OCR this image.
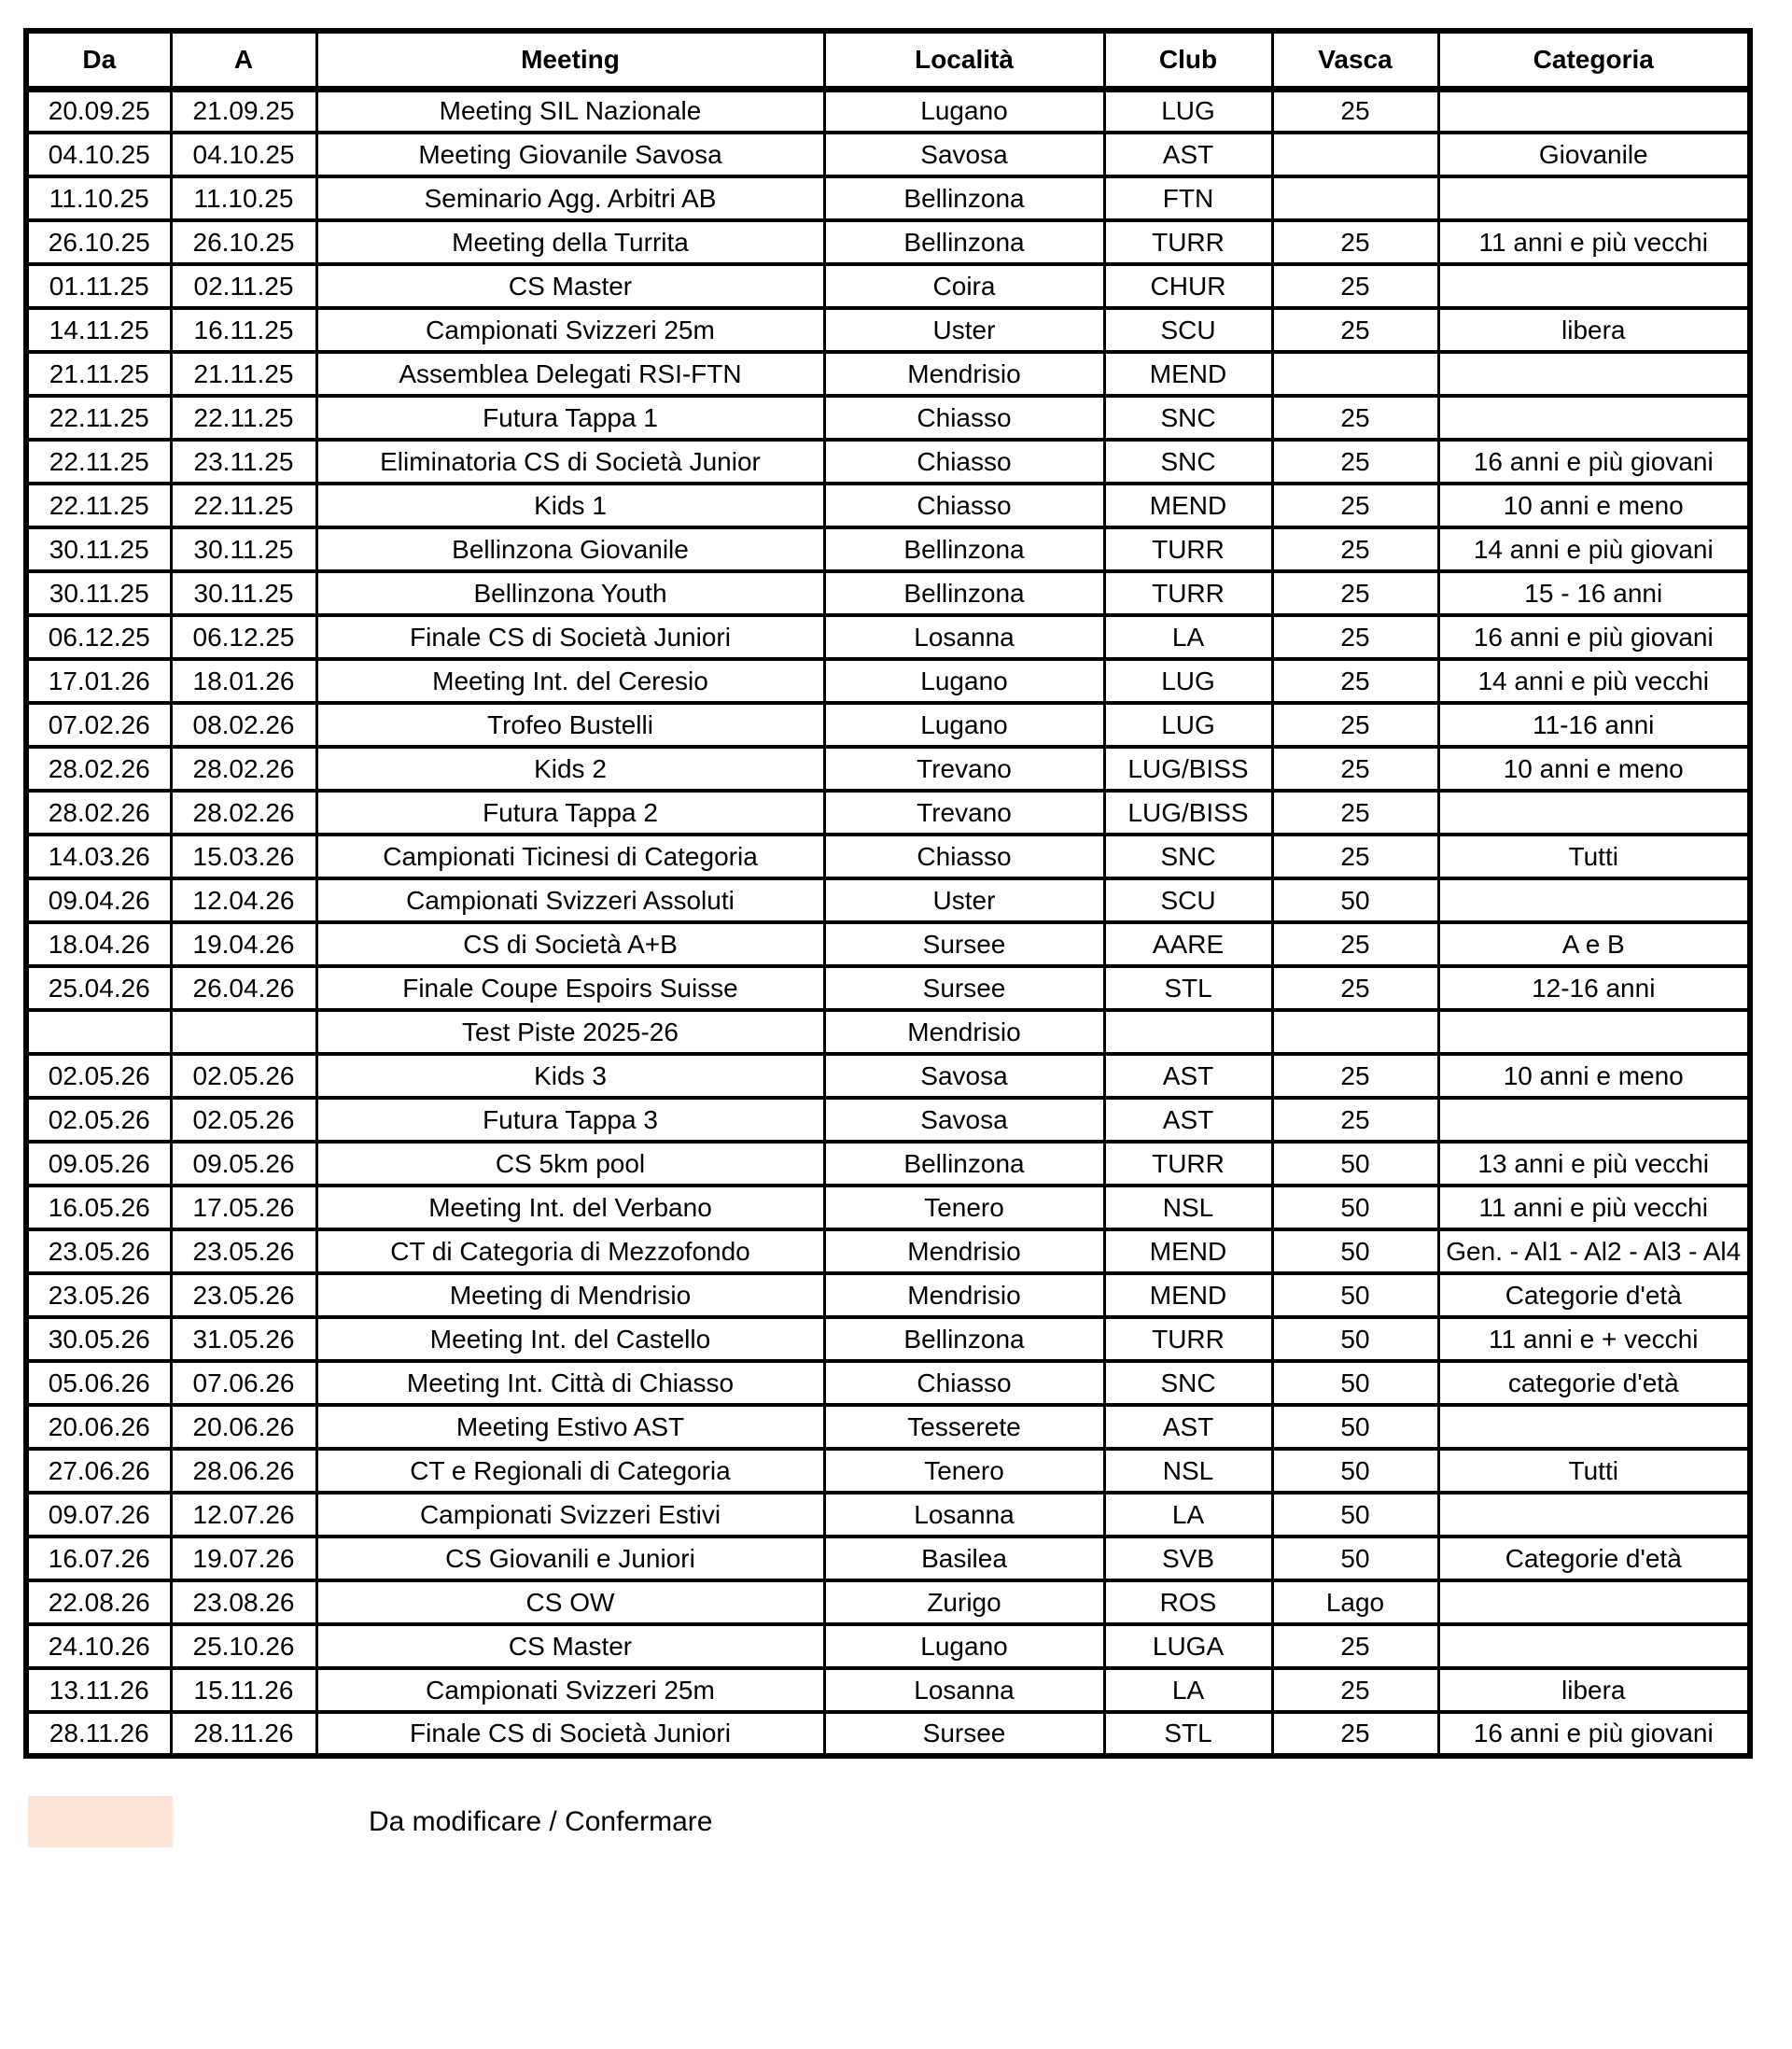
Da	A	Meeting	Località	Club	Vasca	Categoria
20.09.25	21.09.25	Meeting SIL Nazionale	Lugano	LUG	25	
04.10.25	04.10.25	Meeting Giovanile Savosa	Savosa	AST		Giovanile
11.10.25	11.10.25	Seminario Agg. Arbitri AB	Bellinzona	FTN		
26.10.25	26.10.25	Meeting della Turrita	Bellinzona	TURR	25	11 anni e più vecchi
01.11.25	02.11.25	CS Master	Coira	CHUR	25	
14.11.25	16.11.25	Campionati Svizzeri 25m	Uster	SCU	25	libera
21.11.25	21.11.25	Assemblea Delegati RSI-FTN	Mendrisio	MEND		
22.11.25	22.11.25	Futura Tappa 1	Chiasso	SNC	25	
22.11.25	23.11.25	Eliminatoria CS di Società Junior	Chiasso	SNC	25	16 anni e più giovani
22.11.25	22.11.25	Kids 1	Chiasso	MEND	25	10 anni e meno
30.11.25	30.11.25	Bellinzona Giovanile	Bellinzona	TURR	25	14 anni e più giovani
30.11.25	30.11.25	Bellinzona Youth	Bellinzona	TURR	25	15 - 16 anni
06.12.25	06.12.25	Finale CS di Società Juniori	Losanna	LA	25	16 anni e più giovani
17.01.26	18.01.26	Meeting Int. del Ceresio	Lugano	LUG	25	14 anni e più vecchi
07.02.26	08.02.26	Trofeo Bustelli	Lugano	LUG	25	11-16 anni
28.02.26	28.02.26	Kids 2	Trevano	LUG/BISS	25	10 anni e meno
28.02.26	28.02.26	Futura Tappa 2	Trevano	LUG/BISS	25	
14.03.26	15.03.26	Campionati Ticinesi di Categoria	Chiasso	SNC	25	Tutti
09.04.26	12.04.26	Campionati Svizzeri Assoluti	Uster	SCU	50	
18.04.26	19.04.26	CS di Società A+B	Sursee	AARE	25	A e B
25.04.26	26.04.26	Finale Coupe Espoirs Suisse	Sursee	STL	25	12-16 anni
		Test Piste 2025-26	Mendrisio			
02.05.26	02.05.26	Kids 3	Savosa	AST	25	10 anni e meno
02.05.26	02.05.26	Futura Tappa 3	Savosa	AST	25	
09.05.26	09.05.26	CS 5km pool	Bellinzona	TURR	50	13 anni e più vecchi
16.05.26	17.05.26	Meeting Int. del Verbano	Tenero	NSL	50	11 anni e più vecchi
23.05.26	23.05.26	CT di Categoria di Mezzofondo	Mendrisio	MEND	50	Gen. - Al1 - Al2 - Al3 - Al4
23.05.26	23.05.26	Meeting di Mendrisio	Mendrisio	MEND	50	Categorie d'età
30.05.26	31.05.26	Meeting Int. del Castello	Bellinzona	TURR	50	11 anni e + vecchi
05.06.26	07.06.26	Meeting Int. Città di Chiasso	Chiasso	SNC	50	categorie d'età
20.06.26	20.06.26	Meeting Estivo AST	Tesserete	AST	50	
27.06.26	28.06.26	CT e Regionali di Categoria	Tenero	NSL	50	Tutti
09.07.26	12.07.26	Campionati Svizzeri Estivi	Losanna	LA	50	
16.07.26	19.07.26	CS Giovanili e Juniori	Basilea	SVB	50	Categorie d'età
22.08.26	23.08.26	CS OW	Zurigo	ROS	Lago	
24.10.26	25.10.26	CS Master	Lugano	LUGA	25	
13.11.26	15.11.26	Campionati Svizzeri 25m	Losanna	LA	25	libera
28.11.26	28.11.26	Finale CS di Società Juniori	Sursee	STL	25	16 anni e più giovani
Da modificare / Confermare
